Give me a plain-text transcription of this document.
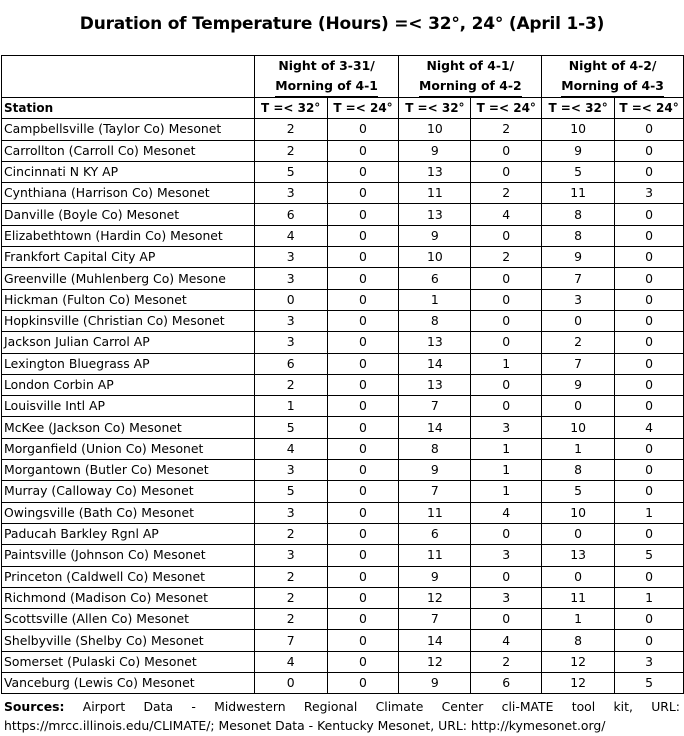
Duration of Temperature (Hours) =< 32°, 24° (April 1-3)

	Night of 3-31/
Morning of 4-1		Night of 4-1/
Morning of 4-2		Night of 4-2/
Morning of 4-3	
Station	T =< 32°	T =< 24°	T =< 32°	T =< 24°	T =< 32°	T =< 24°
Campbellsville (Taylor Co) Mesonet	2	0	10	2	10	0
Carrollton (Carroll Co) Mesonet	2	0	9	0	9	0
Cincinnati N KY AP	5	0	13	0	5	0
Cynthiana (Harrison Co) Mesonet	3	0	11	2	11	3
Danville (Boyle Co) Mesonet	6	0	13	4	8	0
Elizabethtown (Hardin Co) Mesonet	4	0	9	0	8	0
Frankfort Capital City AP	3	0	10	2	9	0
Greenville (Muhlenberg Co) Mesone	3	0	6	0	7	0
Hickman (Fulton Co) Mesonet	0	0	1	0	3	0
Hopkinsville (Christian Co) Mesonet	3	0	8	0	0	0
Jackson Julian Carrol AP	3	0	13	0	2	0
Lexington Bluegrass AP	6	0	14	1	7	0
London Corbin AP	2	0	13	0	9	0
Louisville Intl AP	1	0	7	0	0	0
McKee (Jackson Co) Mesonet	5	0	14	3	10	4
Morganfield (Union Co) Mesonet	4	0	8	1	1	0
Morgantown (Butler Co) Mesonet	3	0	9	1	8	0
Murray (Calloway Co) Mesonet	5	0	7	1	5	0
Owingsville (Bath Co) Mesonet	3	0	11	4	10	1
Paducah Barkley Rgnl AP	2	0	6	0	0	0
Paintsville (Johnson Co) Mesonet	3	0	11	3	13	5
Princeton (Caldwell Co) Mesonet	2	0	9	0	0	0
Richmond (Madison Co) Mesonet	2	0	12	3	11	1
Scottsville (Allen Co) Mesonet	2	0	7	0	1	0
Shelbyville (Shelby Co) Mesonet	7	0	14	4	8	0
Somerset (Pulaski Co) Mesonet	4	0	12	2	12	3
Vanceburg (Lewis Co) Mesonet	0	0	9	6	12	5
Sources: Airport Data - Midwestern Regional Climate Center cli-MATE tool kit, URL: https://mrcc.illinois.edu/CLIMATE/; Mesonet Data - Kentucky Mesonet, URL: http://kymesonet.org/
